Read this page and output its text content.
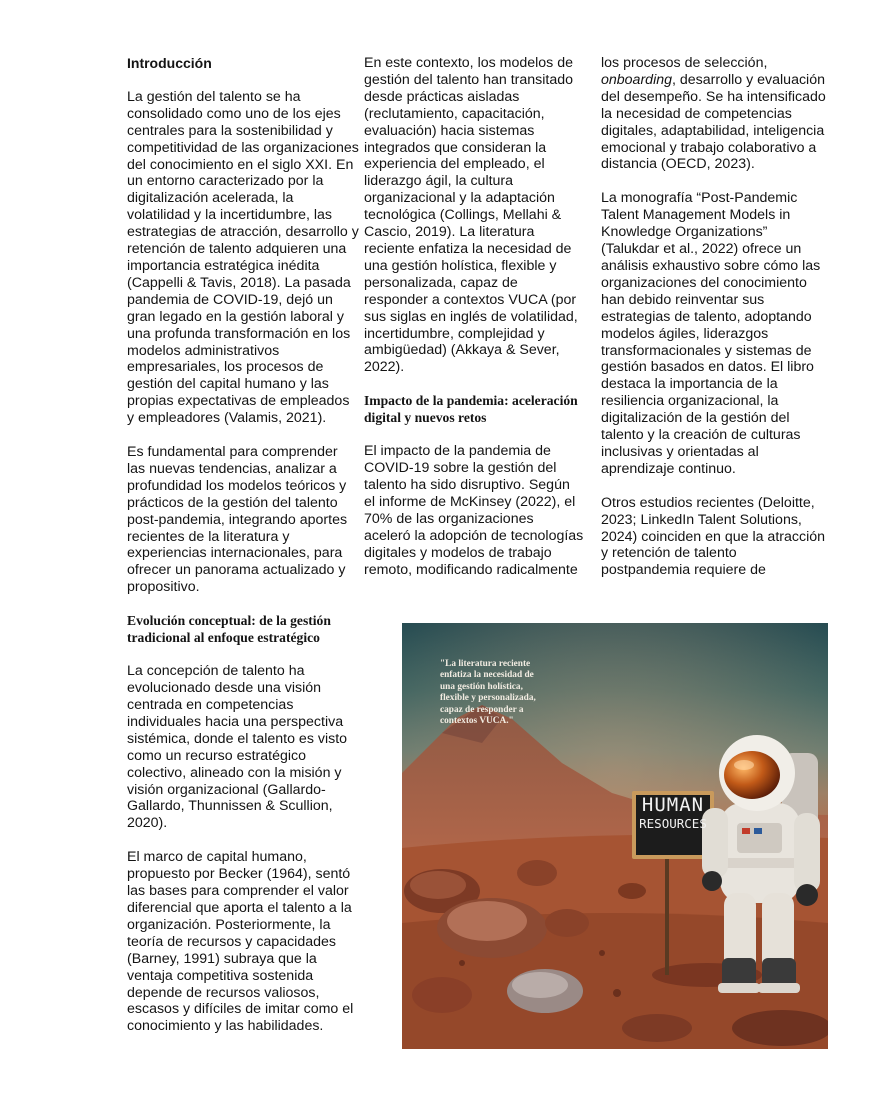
Introducción

La gestión del talento se ha consolidado como uno de los ejes centrales para la sostenibilidad y competitividad de las organizaciones del conocimiento en el siglo XXI. En un entorno caracterizado por la digitalización acelerada, la volatilidad y la incertidumbre, las estrategias de atracción, desarrollo y retención de talento adquieren una importancia estratégica inédita (Cappelli & Tavis, 2018). La pasada pandemia de COVID-19, dejó un gran legado en la gestión laboral y una profunda transformación en los modelos administrativos empresariales, los procesos de gestión del capital humano y las propias expectativas de empleados y empleadores (Valamis, 2021).

Es fundamental para comprender las nuevas tendencias, analizar a profundidad los modelos teóricos y prácticos de la gestión del talento post-pandemia, integrando aportes recientes de la literatura y experiencias internacionales, para ofrecer un panorama actualizado y propositivo.

Evolución conceptual: de la gestión tradicional al enfoque estratégico

La concepción de talento ha evolucionado desde una visión centrada en competencias individuales hacia una perspectiva sistémica, donde el talento es visto como un recurso estratégico colectivo, alineado con la misión y visión organizacional (Gallardo-Gallardo, Thunnissen & Scullion, 2020).

El marco de capital humano, propuesto por Becker (1964), sentó las bases para comprender el valor diferencial que aporta el talento a la organización. Posteriormente, la teoría de recursos y capacidades (Barney, 1991) subraya que la ventaja competitiva sostenida depende de recursos valiosos, escasos y difíciles de imitar como el conocimiento y las habilidades.

En este contexto, los modelos de gestión del talento han transitado desde prácticas aisladas (reclutamiento, capacitación, evaluación) hacia sistemas integrados que consideran la experiencia del empleado, el liderazgo ágil, la cultura organizacional y la adaptación tecnológica (Collings, Mellahi & Cascio, 2019). La literatura reciente enfatiza la necesidad de una gestión holística, flexible y personalizada, capaz de responder a contextos VUCA (por sus siglas en inglés de volatilidad, incertidumbre, complejidad y ambigüedad) (Akkaya & Sever, 2022).

Impacto de la pandemia: aceleración digital y nuevos retos

El impacto de la pandemia de COVID-19 sobre la gestión del talento ha sido disruptivo. Según el informe de McKinsey (2022), el 70% de las organizaciones aceleró la adopción de tecnologías digitales y modelos de trabajo remoto, modificando radicalmente

los procesos de selección,
onboarding, desarrollo y evaluación del desempeño. Se ha intensificado la necesidad de competencias digitales, adaptabilidad, inteligencia emocional y trabajo colaborativo a distancia (OECD, 2023).

La monografía “Post-Pandemic Talent Management Models in Knowledge Organizations” (Talukdar et al., 2022) ofrece un análisis exhaustivo sobre cómo las organizaciones del conocimiento han debido reinventar sus estrategias de talento, adoptando modelos ágiles, liderazgos transformacionales y sistemas de gestión basados en datos. El libro destaca la importancia de la resiliencia organizacional, la digitalización de la gestión del talento y la creación de culturas inclusivas y orientadas al aprendizaje continuo.

Otros estudios recientes (Deloitte, 2023; LinkedIn Talent Solutions, 2024) coinciden en que la atracción y retención de talento postpandemia requiere de

"La literatura reciente enfatiza la necesidad de una gestión holística, flexible y personalizada, capaz de responder a contextos VUCA."

HUMAN
RESOURCES
